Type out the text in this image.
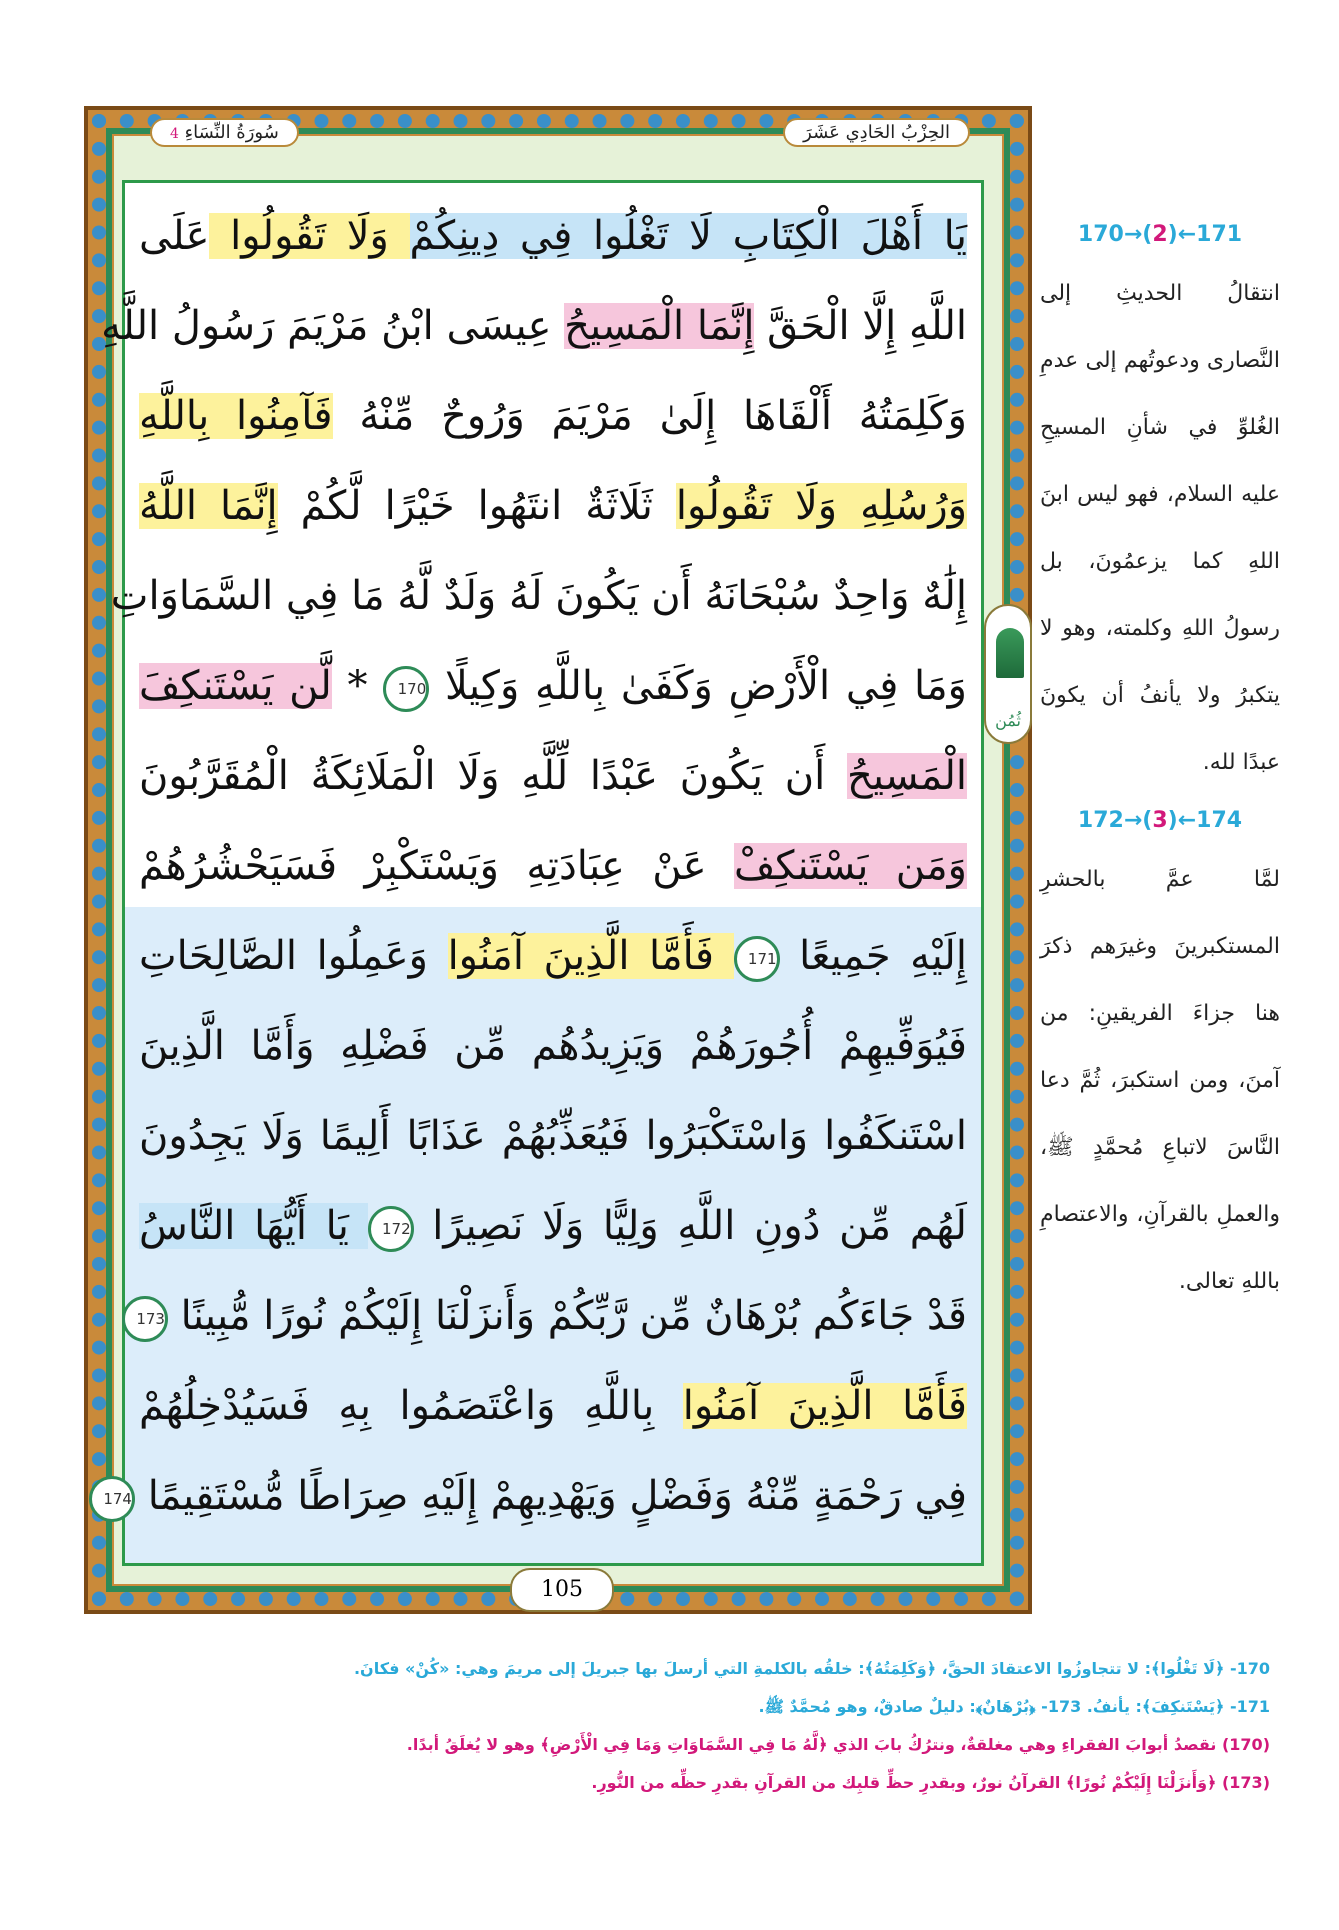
الحِزْبُ الحَادِي عَشَرَ
سُورَةُ النِّسَاءِ 4
يَا أَهْلَ الْكِتَابِ لَا تَغْلُوا فِي دِينِكُمْ وَلَا تَقُولُوا عَلَى
اللَّهِ إِلَّا الْحَقَّ إِنَّمَا الْمَسِيحُ عِيسَى ابْنُ مَرْيَمَ رَسُولُ اللَّهِ
وَكَلِمَتُهُ أَلْقَاهَا إِلَىٰ مَرْيَمَ وَرُوحٌ مِّنْهُ فَآمِنُوا بِاللَّهِ
وَرُسُلِهِ وَلَا تَقُولُوا ثَلَاثَةٌ انتَهُوا خَيْرًا لَّكُمْ إِنَّمَا اللَّهُ
إِلَٰهٌ وَاحِدٌ سُبْحَانَهُ أَن يَكُونَ لَهُ وَلَدٌ لَّهُ مَا فِي السَّمَاوَاتِ
وَمَا فِي الْأَرْضِ وَكَفَىٰ بِاللَّهِ وَكِيلًا 170 * لَّن يَسْتَنكِفَ
الْمَسِيحُ أَن يَكُونَ عَبْدًا لِّلَّهِ وَلَا الْمَلَائِكَةُ الْمُقَرَّبُونَ
وَمَن يَسْتَنكِفْ عَنْ عِبَادَتِهِ وَيَسْتَكْبِرْ فَسَيَحْشُرُهُمْ
إِلَيْهِ جَمِيعًا 171 فَأَمَّا الَّذِينَ آمَنُوا وَعَمِلُوا الصَّالِحَاتِ
فَيُوَفِّيهِمْ أُجُورَهُمْ وَيَزِيدُهُم مِّن فَضْلِهِ وَأَمَّا الَّذِينَ
اسْتَنكَفُوا وَاسْتَكْبَرُوا فَيُعَذِّبُهُمْ عَذَابًا أَلِيمًا وَلَا يَجِدُونَ
لَهُم مِّن دُونِ اللَّهِ وَلِيًّا وَلَا نَصِيرًا 172 يَا أَيُّهَا النَّاسُ
قَدْ جَاءَكُم بُرْهَانٌ مِّن رَّبِّكُمْ وَأَنزَلْنَا إِلَيْكُمْ نُورًا مُّبِينًا 173
فَأَمَّا الَّذِينَ آمَنُوا بِاللَّهِ وَاعْتَصَمُوا بِهِ فَسَيُدْخِلُهُمْ
فِي رَحْمَةٍ مِّنْهُ وَفَضْلٍ وَيَهْدِيهِمْ إِلَيْهِ صِرَاطًا مُّسْتَقِيمًا 174
ثُمُن
170→(2)←171
انتقالُ الحديثِ إلى النَّصارى ودعوتُهم إلى عدمِ الغُلوِّ في شأنِ المسيحِ عليه السلام، فهو ليس ابنَ اللهِ كما يزعمُونَ، بل رسولُ اللهِ وكلمته، وهو لا يتكبرُ ولا يأنفُ أن يكونَ عبدًا لله.
172→(3)←174
لمَّا عمَّ بالحشرِ المستكبرينَ وغيرَهم ذكرَ هنا جزاءَ الفريقينِ: من آمنَ، ومن استكبرَ، ثُمَّ دعا النَّاسَ لاتباعِ مُحمَّدٍ ﷺ، والعملِ بالقرآنِ، والاعتصامِ باللهِ تعالى.
105
170- ﴿لَا تَغْلُوا﴾: لا تتجاوزُوا الاعتقادَ الحقَّ، ﴿وَكَلِمَتُهُ﴾: خلقُه بالكلمةِ التي أرسلَ بها جبريلَ إلى مريمَ وهي: «كُنْ» فكانَ.
171- ﴿يَسْتَنكِفَ﴾: يأنفُ. 173- ﴿بُرْهَانٌ﴾: دليلٌ صادقٌ، وهو مُحمَّدٌ ﷺ.
(170) نقصدُ أبوابَ الفقراءِ وهي مغلقةٌ، ونترُكُ بابَ الذي ﴿لَّهُ مَا فِي السَّمَاوَاتِ وَمَا فِي الْأَرْضِ﴾ وهو لا يُغلَقُ أبدًا.
(173) ﴿وَأَنزَلْنَا إِلَيْكُمْ نُورًا﴾ القرآنُ نورٌ، وبقدرِ حظِّ قلبِك من القرآنِ بقدرِ حظِّه من النُّورِ.
